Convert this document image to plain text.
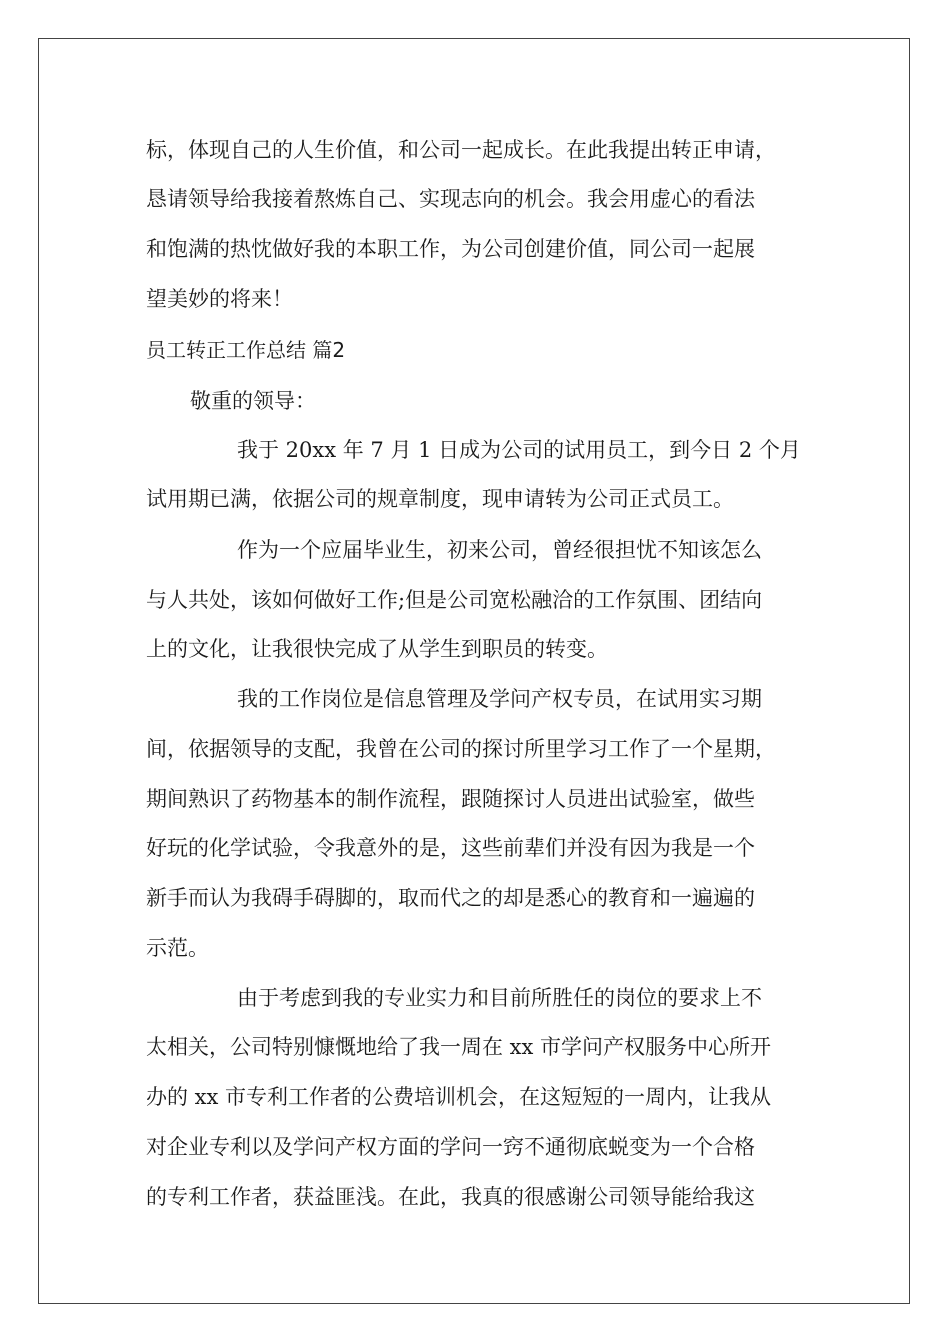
标，体现自己的人生价值，和公司一起成长。在此我提出转正申请，
恳请领导给我接着熬炼自己、实现志向的机会。我会用虚心的看法
和饱满的热忱做好我的本职工作，为公司创建价值，同公司一起展
望美妙的将来！
员工转正工作总结 篇2
敬重的领导：
我于 20xx 年 7 月 1 日成为公司的试用员工，到今日 2 个月
试用期已满，依据公司的规章制度，现申请转为公司正式员工。
作为一个应届毕业生，初来公司，曾经很担忧不知该怎么
与人共处，该如何做好工作;但是公司宽松融洽的工作氛围、团结向
上的文化，让我很快完成了从学生到职员的转变。
我的工作岗位是信息管理及学问产权专员，在试用实习期
间，依据领导的支配，我曾在公司的探讨所里学习工作了一个星期，
期间熟识了药物基本的制作流程，跟随探讨人员进出试验室，做些
好玩的化学试验，令我意外的是，这些前辈们并没有因为我是一个
新手而认为我碍手碍脚的，取而代之的却是悉心的教育和一遍遍的
示范。
由于考虑到我的专业实力和目前所胜任的岗位的要求上不
太相关，公司特别慷慨地给了我一周在 xx 市学问产权服务中心所开
办的 xx 市专利工作者的公费培训机会，在这短短的一周内，让我从
对企业专利以及学问产权方面的学问一窍不通彻底蜕变为一个合格
的专利工作者，获益匪浅。在此，我真的很感谢公司领导能给我这
